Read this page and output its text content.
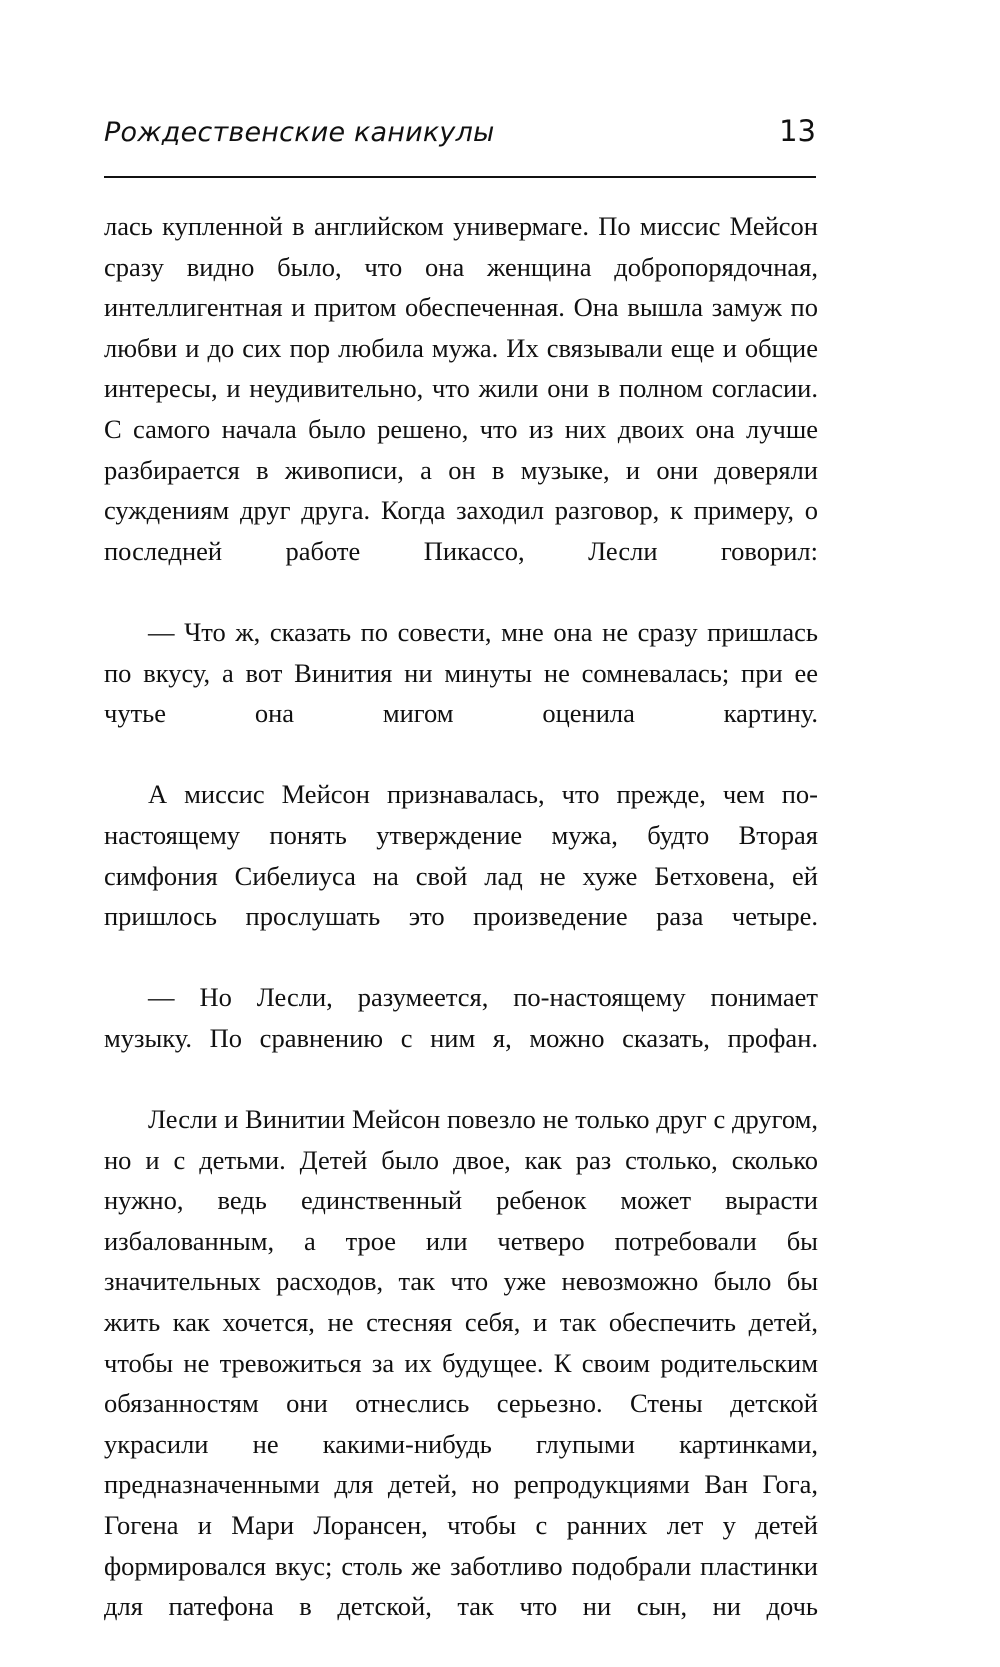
Рождественские каникулы	13

лась купленной в английском универмаге. По миссис Мейсон сразу видно было, что она женщина добропорядочная, интеллигентная и притом обеспеченная. Она вышла замуж по любви и до сих пор любила мужа. Их связывали еще и общие интересы, и неудивительно, что жили они в полном согласии. С самого начала было решено, что из них двоих она лучше разбирается в живописи, а он в музыке, и они доверяли суждениям друг друга. Когда заходил разговор, к примеру, о последней работе Пикассо, Лесли говорил:

— Что ж, сказать по совести, мне она не сразу пришлась по вкусу, а вот Винития ни минуты не сомневалась; при ее чутье она мигом оценила картину.

А миссис Мейсон признавалась, что прежде, чем по-настоящему понять утверждение мужа, будто Вторая симфония Сибелиуса на свой лад не хуже Бетховена, ей пришлось прослушать это произведение раза четыре.

— Но Лесли, разумеется, по-настоящему понимает музыку. По сравнению с ним я, можно сказать, профан.

Лесли и Винитии Мейсон повезло не только друг с другом, но и с детьми. Детей было двое, как раз столько, сколько нужно, ведь единственный ребенок может вырасти избалованным, а трое или четверо потребовали бы значительных расходов, так что уже невозможно было бы жить как хочется, не стесняя себя, и так обеспечить детей, чтобы не тревожиться за их будущее. К своим родительским обязанностям они отнеслись серьезно. Стены детской украсили не какими-нибудь глупыми картинками, предназначенными для детей, но репродукциями Ван Гога, Гогена и Мари Лорансен, чтобы с ранних лет у детей формировался вкус; столь же заботливо подобрали пластинки для патефона в детской, так что ни сын, ни дочь
